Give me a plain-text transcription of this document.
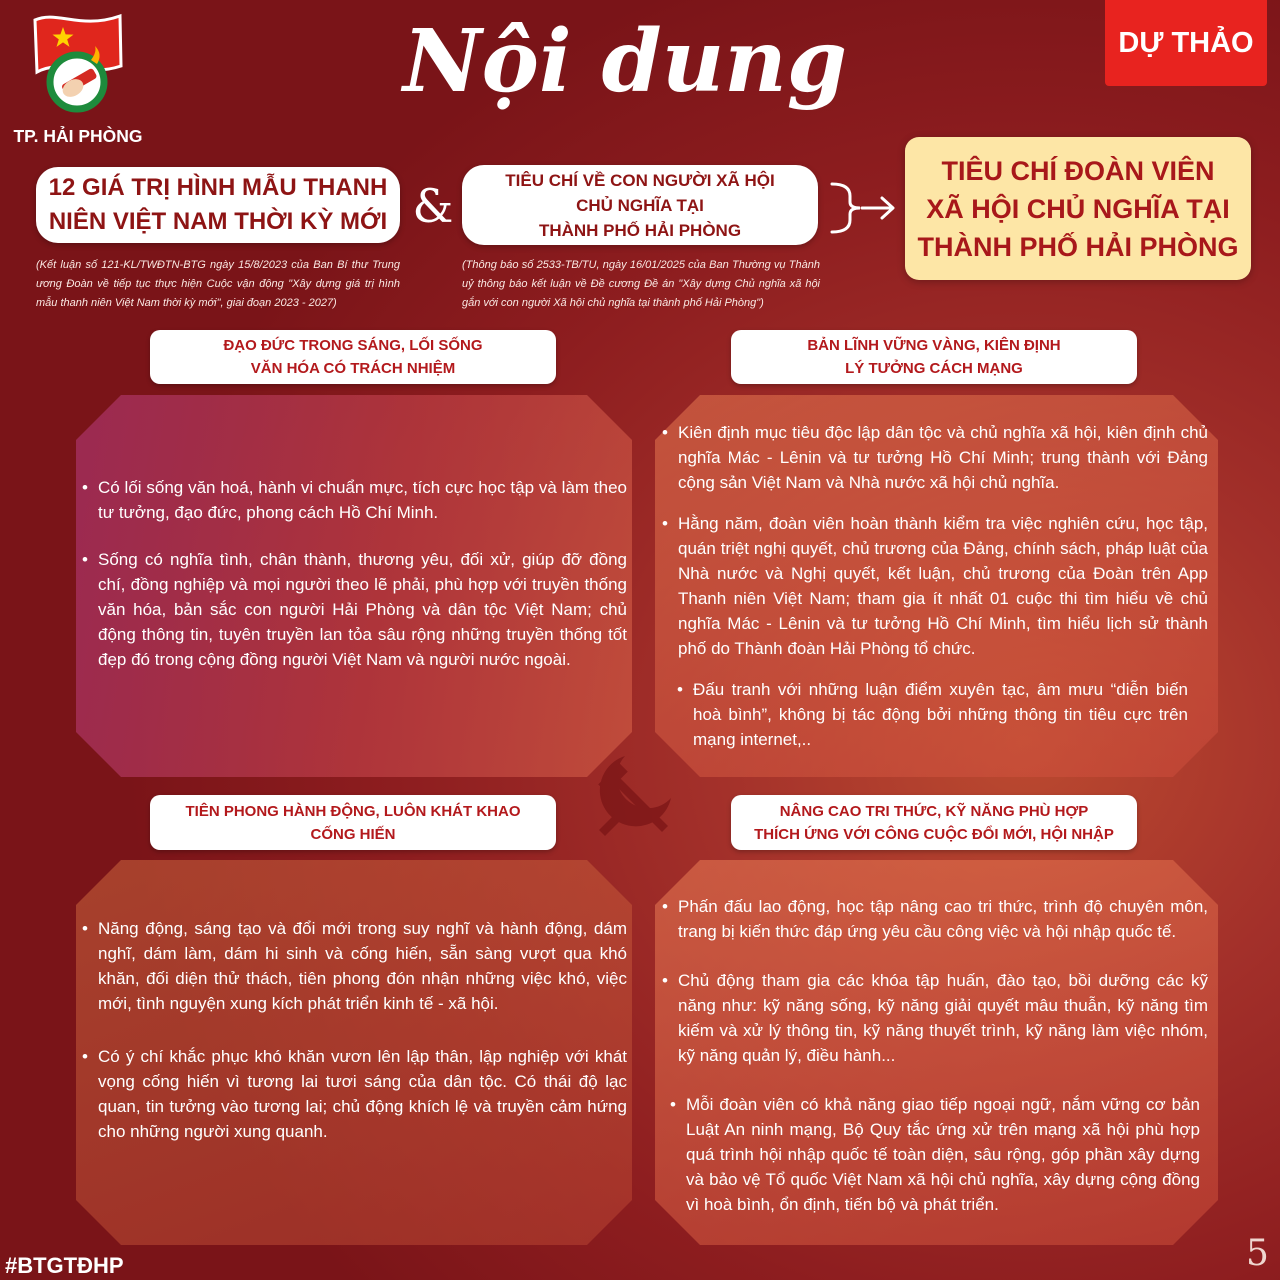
TP. HẢI PHÒNG
Nội dung	DỰ THẢO
12 GIÁ TRỊ HÌNH MẪU THANH
NIÊN VIỆT NAM THỜI KỲ MỚI &	TIÊU CHÍ VỀ CON NGƯỜI XÃ HỘI
CHỦ NGHĨA TẠI
THÀNH PHỐ HẢI PHÒNG
TIÊU CHÍ ĐOÀN VIÊN
XÃ HỘI CHỦ NGHĨA TẠI
THÀNH PHỐ HẢI PHÒNG
(Kết luận số 121-KL/TWĐTN-BTG ngày 15/8/2023 của Ban Bí thư Trung ương Đoàn về tiếp tục thực hiện Cuộc vận động "Xây dựng giá trị hình mẫu thanh niên Việt Nam thời kỳ mới", giai đoạn 2023 - 2027)
(Thông báo số 2533-TB/TU, ngày 16/01/2025 của Ban Thường vụ Thành uỷ thông báo kết luận về Đề cương Đề án "Xây dựng Chủ nghĩa xã hội gắn với con người Xã hội chủ nghĩa tại thành phố Hải Phòng")
• Có lối sống văn hoá, hành vi chuẩn mực, tích cực học tập và làm theo tư tưởng, đạo đức, phong cách Hồ Chí Minh.
• Sống có nghĩa tình, chân thành, thương yêu, đối xử, giúp đỡ đồng chí, đồng nghiệp và mọi người theo lẽ phải, phù hợp với truyền thống văn hóa, bản sắc con người Hải Phòng và dân tộc Việt Nam; chủ động thông tin, tuyên truyền lan tỏa sâu rộng những truyền thống tốt đẹp đó trong cộng đồng người Việt Nam và người nước ngoài.
ĐẠO ĐỨC TRONG SÁNG, LỐI SỐNG
VĂN HÓA CÓ TRÁCH NHIỆM
• Kiên định mục tiêu độc lập dân tộc và chủ nghĩa xã hội, kiên định chủ nghĩa Mác - Lênin và tư tưởng Hồ Chí Minh; trung thành với Đảng cộng sản Việt Nam và Nhà nước xã hội chủ nghĩa.
• Hằng năm, đoàn viên hoàn thành kiểm tra việc nghiên cứu, học tập, quán triệt nghị quyết, chủ trương của Đảng, chính sách, pháp luật của Nhà nước và Nghị quyết, kết luận, chủ trương của Đoàn trên App Thanh niên Việt Nam; tham gia ít nhất 01 cuộc thi tìm hiểu về chủ nghĩa Mác - Lênin và tư tưởng Hồ Chí Minh, tìm hiểu lịch sử thành phố do Thành đoàn Hải Phòng tổ chức.
• Đấu tranh với những luận điểm xuyên tạc, âm mưu “diễn biến hoà bình”, không bị tác động bởi những thông tin tiêu cực trên mạng internet,..
BẢN LĨNH VỮNG VÀNG, KIÊN ĐỊNH
LÝ TƯỞNG CÁCH MẠNG
• Năng động, sáng tạo và đổi mới trong suy nghĩ và hành động, dám nghĩ, dám làm, dám hi sinh và cống hiến, sẵn sàng vượt qua khó khăn, đối diện thử thách, tiên phong đón nhận những việc khó, việc mới, tình nguyện xung kích phát triển kinh tế - xã hội.
• Có ý chí khắc phục khó khăn vươn lên lập thân, lập nghiệp với khát vọng cống hiến vì tương lai tươi sáng của dân tộc. Có thái độ lạc quan, tin tưởng vào tương lai; chủ động khích lệ và truyền cảm hứng cho những người xung quanh.
TIÊN PHONG HÀNH ĐỘNG, LUÔN KHÁT KHAO
CỐNG HIẾN
• Phấn đấu lao động, học tập nâng cao tri thức, trình độ chuyên môn, trang bị kiến thức đáp ứng yêu cầu công việc và hội nhập quốc tế.
• Chủ động tham gia các khóa tập huấn, đào tạo, bồi dưỡng các kỹ năng như: kỹ năng sống, kỹ năng giải quyết mâu thuẫn, kỹ năng tìm kiếm và xử lý thông tin, kỹ năng thuyết trình, kỹ năng làm việc nhóm, kỹ năng quản lý, điều hành...
• Mỗi đoàn viên có khả năng giao tiếp ngoại ngữ, nắm vững cơ bản Luật An ninh mạng, Bộ Quy tắc ứng xử trên mạng xã hội phù hợp quá trình hội nhập quốc tế toàn diện, sâu rộng, góp phần xây dựng và bảo vệ Tổ quốc Việt Nam xã hội chủ nghĩa, xây dựng cộng đồng vì hoà bình, ổn định, tiến bộ và phát triển.
NÂNG CAO TRI THỨC, KỸ NĂNG PHÙ HỢP
THÍCH ỨNG VỚI CÔNG CUỘC ĐỔI MỚI, HỘI NHẬP
#BTGTĐHP	5
